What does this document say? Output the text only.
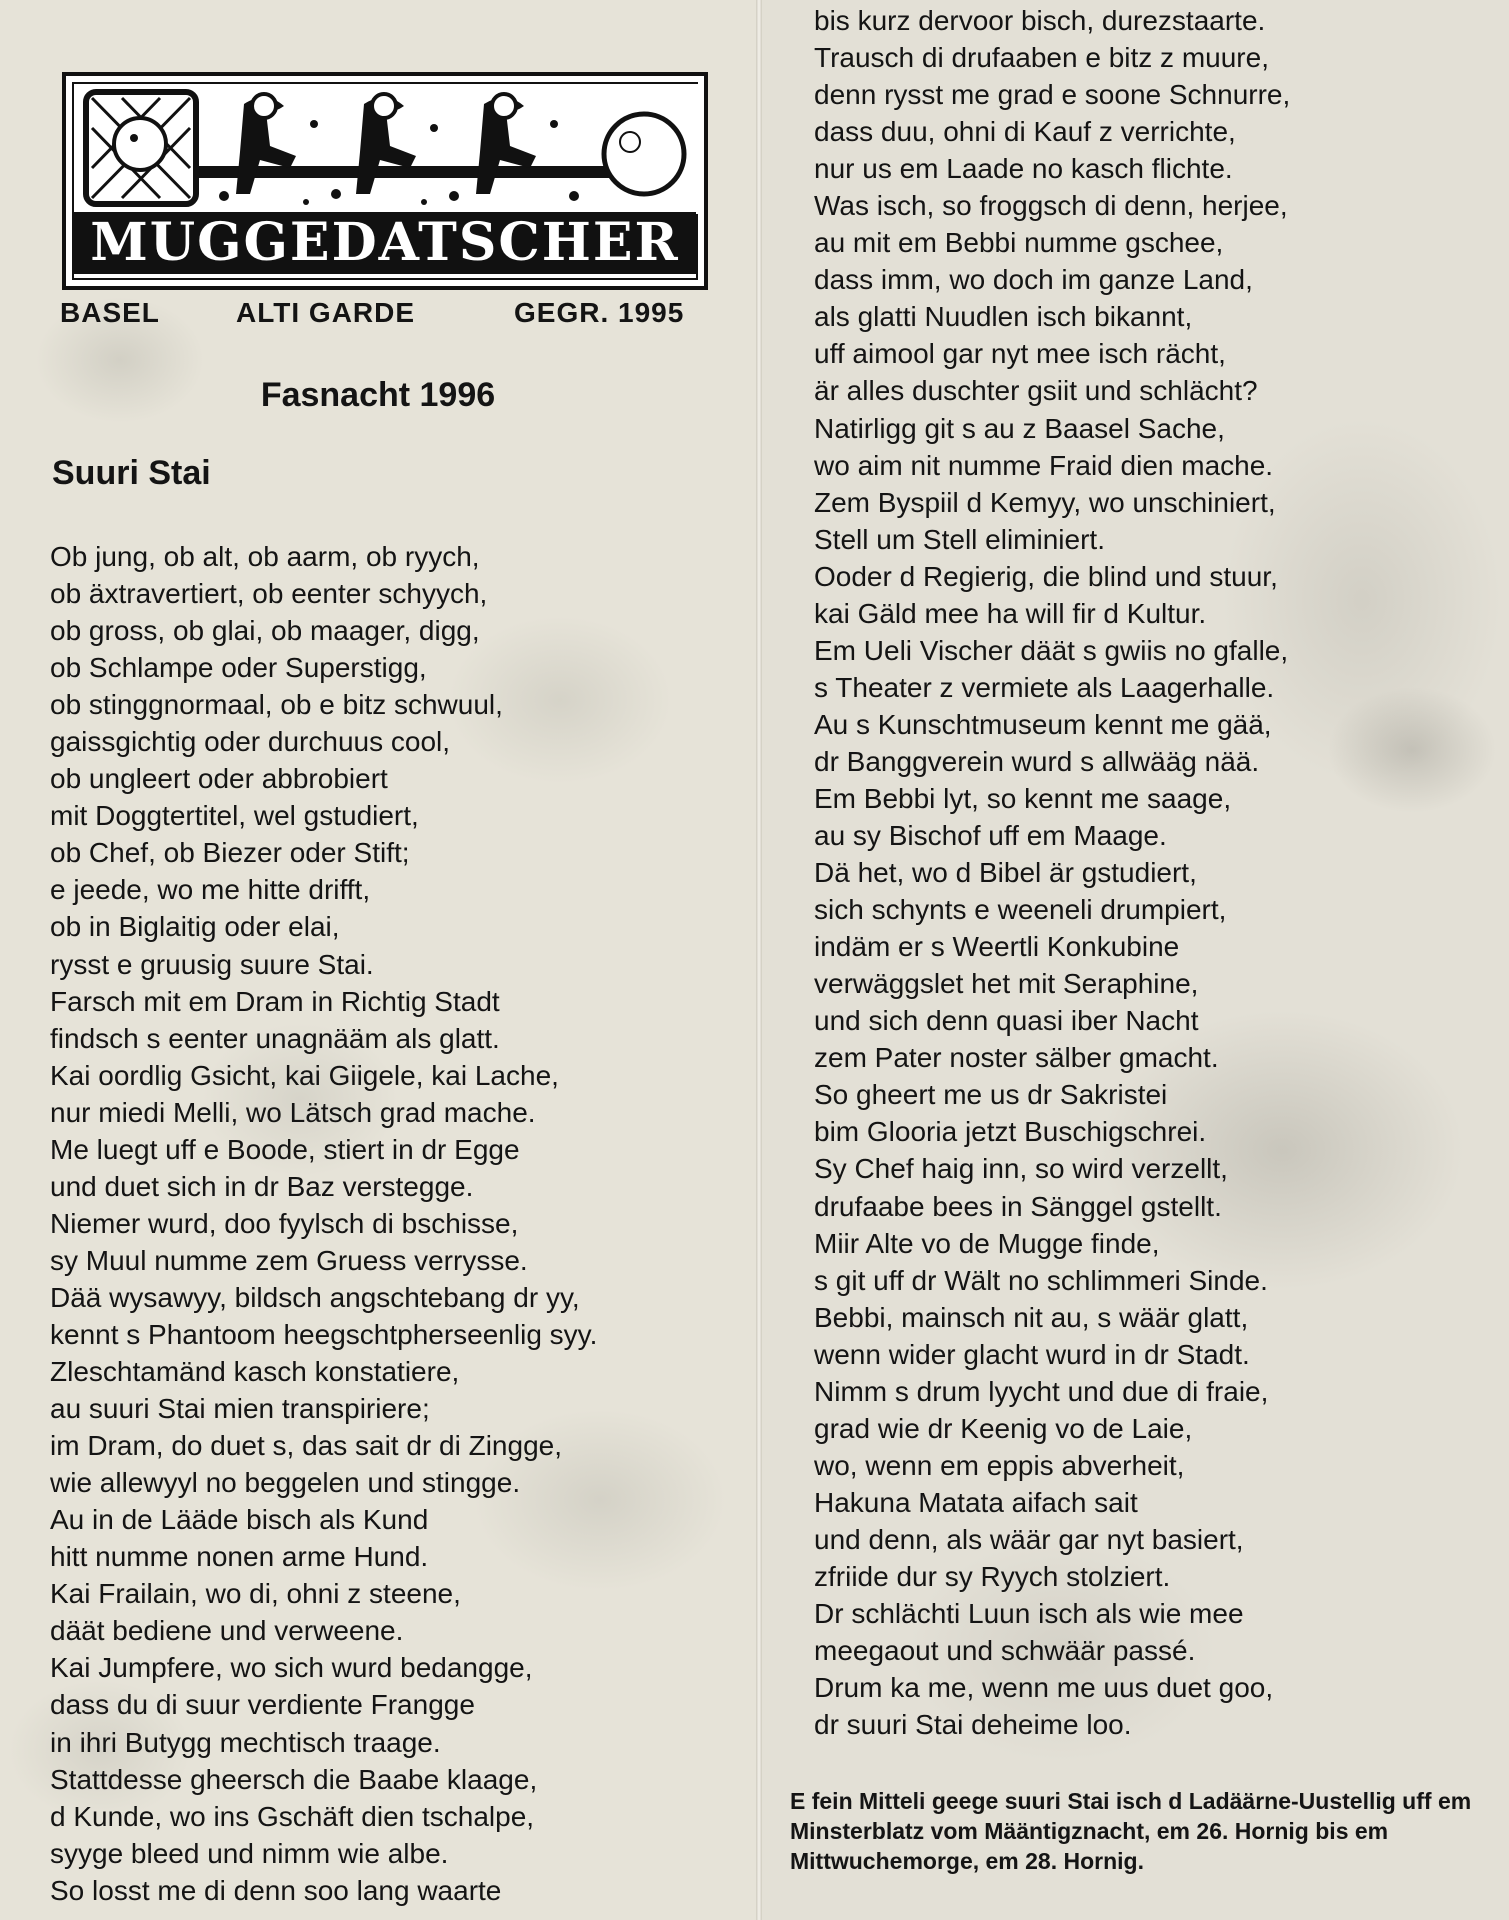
MUGGEDATSCHER
BASEL	ALTI GARDE	GEGR. 1995
Fasnacht 1996
Suuri Stai
Ob jung, ob alt, ob aarm, ob ryych,
ob äxtravertiert, ob eenter schyych,
ob gross, ob glai, ob maager, digg,
ob Schlampe oder Superstigg,
ob stinggnormaal, ob e bitz schwuul,
gaissgichtig oder durchuus cool,
ob ungleert oder abbrobiert
mit Doggtertitel, wel gstudiert,
ob Chef, ob Biezer oder Stift;
e jeede, wo me hitte drifft,
ob in Biglaitig oder elai,
rysst e gruusig suure Stai.
Farsch mit em Dram in Richtig Stadt
findsch s eenter unagnääm als glatt.
Kai oordlig Gsicht, kai Giigele, kai Lache,
nur miedi Melli, wo Lätsch grad mache.
Me luegt uff e Boode, stiert in dr Egge
und duet sich in dr Baz verstegge.
Niemer wurd, doo fyylsch di bschisse,
sy Muul numme zem Gruess verrysse.
Dää wysawyy, bildsch angschtebang dr yy,
kennt s Phantoom heegschtpherseenlig syy.
Zleschtamänd kasch konstatiere,
au suuri Stai mien transpiriere;
im Dram, do duet s, das sait dr di Zingge,
wie allewyyl no beggelen und stingge.
Au in de Lääde bisch als Kund
hitt numme nonen arme Hund.
Kai Frailain, wo di, ohni z steene,
däät bediene und verweene.
Kai Jumpfere, wo sich wurd bedangge,
dass du di suur verdiente Frangge
in ihri Butygg mechtisch traage.
Stattdesse gheersch die Baabe klaage,
d Kunde, wo ins Gschäft dien tschalpe,
syyge bleed und nimm wie albe.
So losst me di denn soo lang waarte
bis kurz dervoor bisch, durezstaarte.
Trausch di drufaaben e bitz z muure,
denn rysst me grad e soone Schnurre,
dass duu, ohni di Kauf z verrichte,
nur us em Laade no kasch flichte.
Was isch, so froggsch di denn, herjee,
au mit em Bebbi numme gschee,
dass imm, wo doch im ganze Land,
als glatti Nuudlen isch bikannt,
uff aimool gar nyt mee isch rächt,
är alles duschter gsiit und schlächt?
Natirligg git s au z Baasel Sache,
wo aim nit numme Fraid dien mache.
Zem Byspiil d Kemyy, wo unschiniert,
Stell um Stell eliminiert.
Ooder d Regierig, die blind und stuur,
kai Gäld mee ha will fir d Kultur.
Em Ueli Vischer däät s gwiis no gfalle,
s Theater z vermiete als Laagerhalle.
Au s Kunschtmuseum kennt me gää,
dr Banggverein wurd s allwääg nää.
Em Bebbi lyt, so kennt me saage,
au sy Bischof uff em Maage.
Dä het, wo d Bibel är gstudiert,
sich schynts e weeneli drumpiert,
indäm er s Weertli Konkubine
verwäggslet het mit Seraphine,
und sich denn quasi iber Nacht
zem Pater noster sälber gmacht.
So gheert me us dr Sakristei
bim Glooria jetzt Buschigschrei.
Sy Chef haig inn, so wird verzellt,
drufaabe bees in Sänggel gstellt.
Miir Alte vo de Mugge finde,
s git uff dr Wält no schlimmeri Sinde.
Bebbi, mainsch nit au, s wäär glatt,
wenn wider glacht wurd in dr Stadt.
Nimm s drum lyycht und due di fraie,
grad wie dr Keenig vo de Laie,
wo, wenn em eppis abverheit,
Hakuna Matata aifach sait
und denn, als wäär gar nyt basiert,
zfriide dur sy Ryych stolziert.
Dr schlächti Luun isch als wie mee
meegaout und schwäär passé.
Drum ka me, wenn me uus duet goo,
dr suuri Stai deheime loo.

E fein Mitteli geege suuri Stai isch d Ladäärne-Uustellig uff em Minsterblatz vom Määntigznacht, em 26. Hornig bis em Mittwuchemorge, em 28. Hornig.
